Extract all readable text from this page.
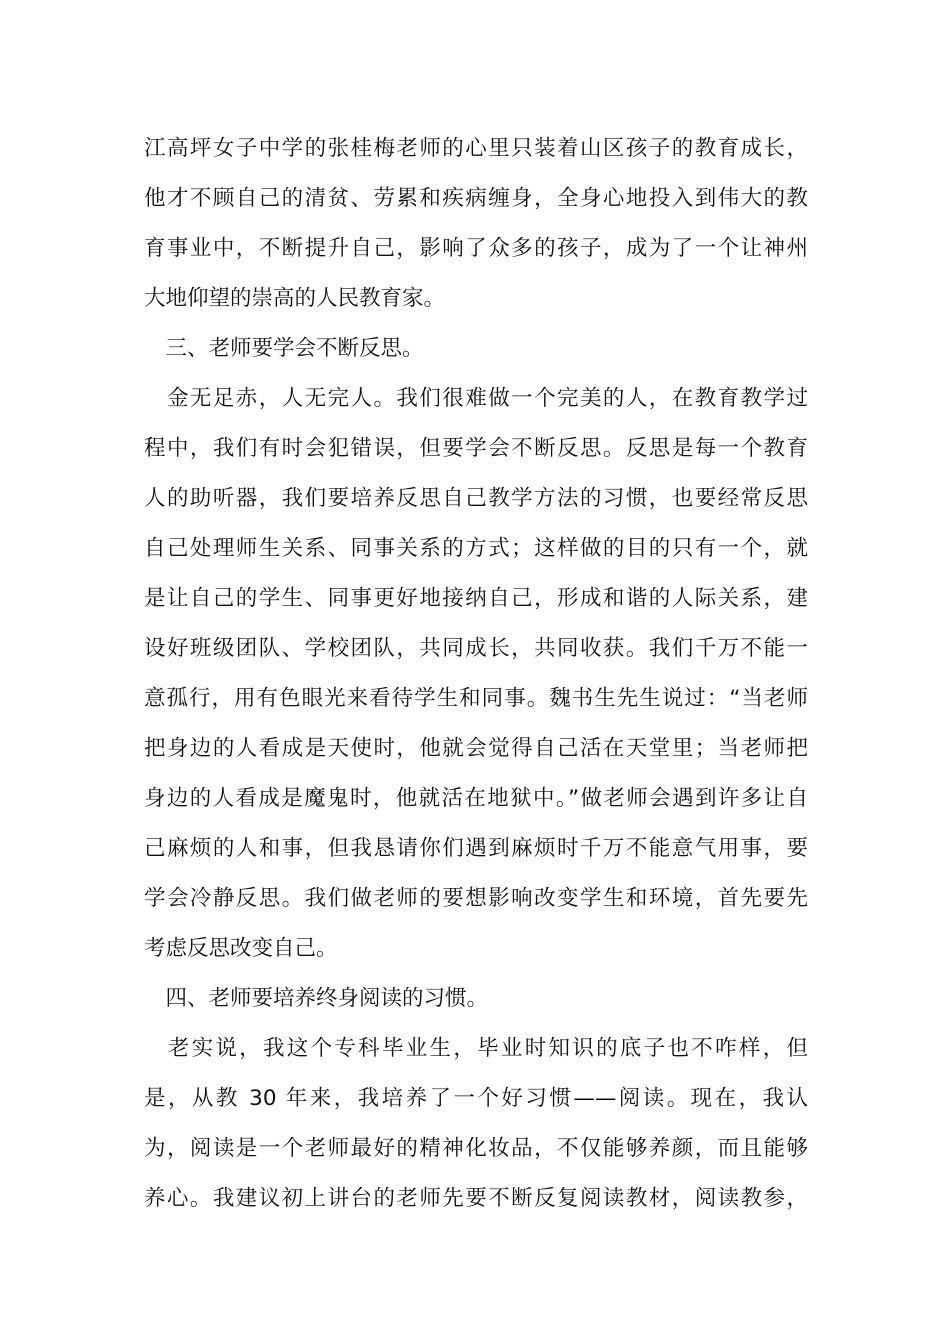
江高坪女子中学的张桂梅老师的心里只装着山区孩子的教育成长，
他才不顾自己的清贫、劳累和疾病缠身，全身心地投入到伟大的教
育事业中，不断提升自己，影响了众多的孩子，成为了一个让神州
大地仰望的崇高的人民教育家。
　三、老师要学会不断反思。
　金无足赤，人无完人。我们很难做一个完美的人，在教育教学过
程中，我们有时会犯错误，但要学会不断反思。反思是每一个教育
人的助听器，我们要培养反思自己教学方法的习惯，也要经常反思
自己处理师生关系、同事关系的方式；这样做的目的只有一个，就
是让自己的学生、同事更好地接纳自己，形成和谐的人际关系，建
设好班级团队、学校团队，共同成长，共同收获。我们千万不能一
意孤行，用有色眼光来看待学生和同事。魏书生先生说过：“当老师
把身边的人看成是天使时，他就会觉得自己活在天堂里；当老师把
身边的人看成是魔鬼时，他就活在地狱中。”做老师会遇到许多让自
己麻烦的人和事，但我恳请你们遇到麻烦时千万不能意气用事，要
学会冷静反思。我们做老师的要想影响改变学生和环境，首先要先
考虑反思改变自己。
　四、老师要培养终身阅读的习惯。
　老实说，我这个专科毕业生，毕业时知识的底子也不咋样，但
是，从教 30 年来，我培养了一个好习惯——阅读。现在，我认
为，阅读是一个老师最好的精神化妆品，不仅能够养颜，而且能够
养心。我建议初上讲台的老师先要不断反复阅读教材，阅读教参，
